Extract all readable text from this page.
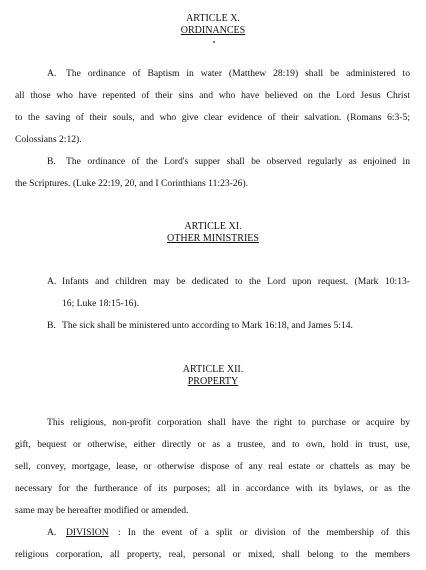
ARTICLE X.
ORDINANCES
A. The ordinance of Baptism in water (Matthew 28:19) shall be administered to
all those who have repented of their sins and who have believed on the Lord Jesus Christ
to the saving of their souls, and who give clear evidence of their salvation. (Romans 6:3-5;
Colossians 2:12).
B. The ordinance of the Lord's supper shall be observed regularly as enjoined in
the Scriptures. (Luke 22:19, 20, and I Corinthians 11:23-26).
ARTICLE XI.
OTHER MINISTRIES
A. Infants and children may be dedicated to the Lord upon request. (Mark 10:13-
16; Luke 18:15-16).
B. The sick shall be ministered unto according to Mark 16:18, and James 5:14.
ARTICLE XII.
PROPERTY
This religious, non-profit corporation shall have the right to purchase or acquire by
gift, bequest or otherwise, either directly or as a trustee, and to own, hold in trust, use,
sell, convey, mortgage, lease, or otherwise dispose of any real estate or chattels as may be
necessary for the furtherance of its purposes; all in accordance with its bylaws, or as the
same may be hereafter modified or amended.
A. DIVISION : In the event of a split or division of the membership of this
religious corporation, all property, real, personal or mixed, shall belong to the members
